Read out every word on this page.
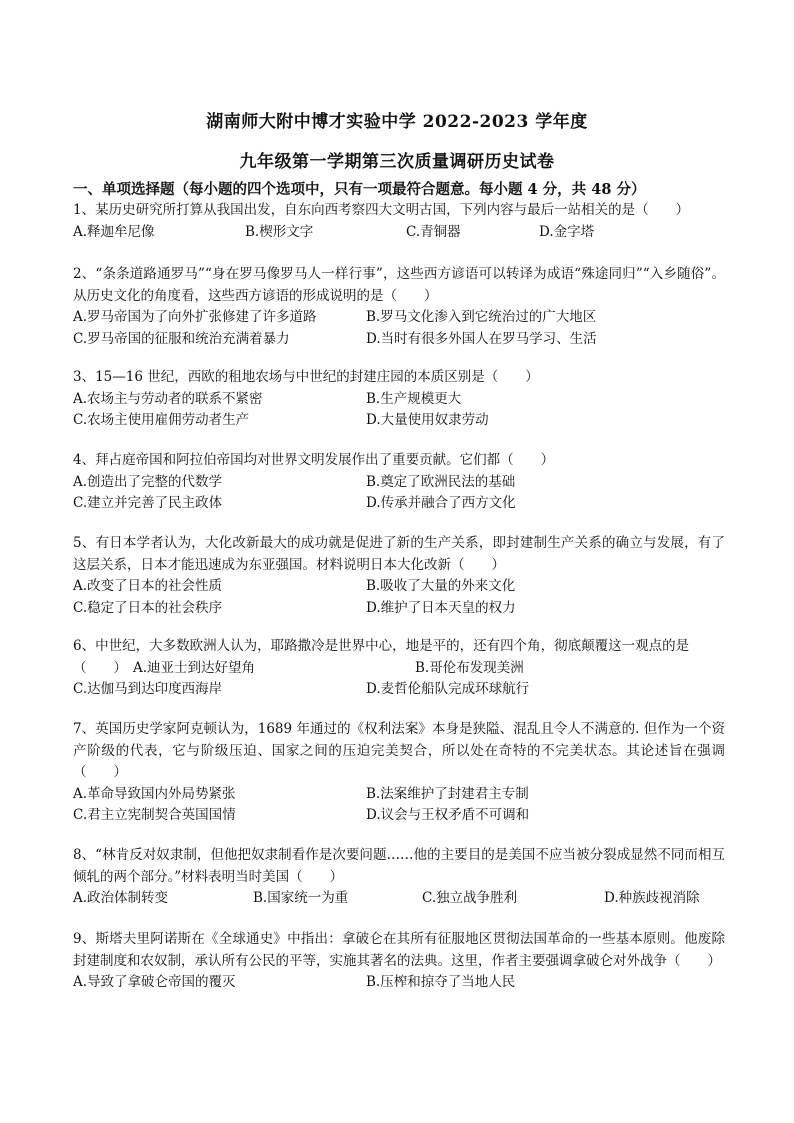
湖南师大附中博才实验中学 2022-2023 学年度
九年级第一学期第三次质量调研历史试卷
一、单项选择题（每小题的四个选项中，只有一项最符合题意。每小题 4 分，共 48 分）
1、某历史研究所打算从我国出发，自东向西考察四大文明古国，下列内容与最后一站相关的是（　　）
A.释迦牟尼像	B.楔形文字	C.青铜器	D.金字塔
2、“条条道路通罗马”“身在罗马像罗马人一样行事”，这些西方谚语可以转译为成语“殊途同归”“入乡随俗”。从历史文化的角度看，这些西方谚语的形成说明的是（　　）
A.罗马帝国为了向外扩张修建了许多道路	B.罗马文化渗入到它统治过的广大地区
C.罗马帝国的征服和统治充满着暴力	D.当时有很多外国人在罗马学习、生活
3、15—16 世纪，西欧的租地农场与中世纪的封建庄园的本质区别是（　　）
A.农场主与劳动者的联系不紧密	B.生产规模更大
C.农场主使用雇佣劳动者生产	D.大量使用奴隶劳动
4、拜占庭帝国和阿拉伯帝国均对世界文明发展作出了重要贡献。它们都（　　）
A.创造出了完整的代数学	B.奠定了欧洲民法的基础
C.建立并完善了民主政体	D.传承并融合了西方文化
5、有日本学者认为，大化改新最大的成功就是促进了新的生产关系，即封建制生产关系的确立与发展，有了这层关系，日本才能迅速成为东亚强国。材料说明日本大化改新（　　）
A.改变了日本的社会性质	B.吸收了大量的外来文化
C.稳定了日本的社会秩序	D.维护了日本天皇的权力
6、中世纪，大多数欧洲人认为，耶路撒冷是世界中心，地是平的，还有四个角，彻底颠覆这一观点的是
（　　） A.迪亚士到达好望角	B.哥伦布发现美洲
C.达伽马到达印度西海岸	D.麦哲伦船队完成环球航行
7、英国历史学家阿克顿认为，1689 年通过的《权利法案》本身是狭隘、混乱且令人不满意的. 但作为一个资产阶级的代表，它与阶级压迫、国家之间的压迫完美契合，所以处在奇特的不完美状态。其论述旨在强调（　　）
A.革命导致国内外局势紧张	B.法案维护了封建君主专制
C.君主立宪制契合英国国情	D.议会与王权矛盾不可调和
8、“林肯反对奴隶制，但他把奴隶制看作是次要问题……他的主要目的是美国不应当被分裂成显然不同而相互倾轧的两个部分。”材料表明当时美国（　　）
A.政治体制转变	B.国家统一为重	C.独立战争胜利	D.种族歧视消除
9、斯塔夫里阿诺斯在《全球通史》中指出：拿破仑在其所有征服地区贯彻法国革命的一些基本原则。他废除封建制度和农奴制，承认所有公民的平等，实施其著名的法典。这里，作者主要强调拿破仑对外战争（　　）
A.导致了拿破仑帝国的覆灭	B.压榨和掠夺了当地人民
